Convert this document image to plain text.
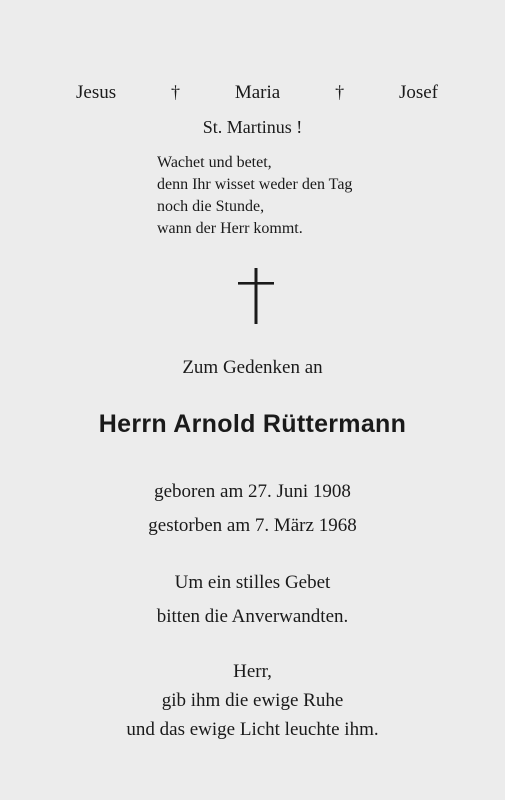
Jesus	†	Maria	†	Josef
St. Martinus !
Wachet und betet,
denn Ihr wisset weder den Tag
noch die Stunde,
wann der Herr kommt.
Zum Gedenken an
Herrn Arnold Rüttermann
geboren am 27. Juni 1908
gestorben am 7. März 1968
Um ein stilles Gebet
bitten die Anverwandten.
Herr,
gib ihm die ewige Ruhe
und das ewige Licht leuchte ihm.
